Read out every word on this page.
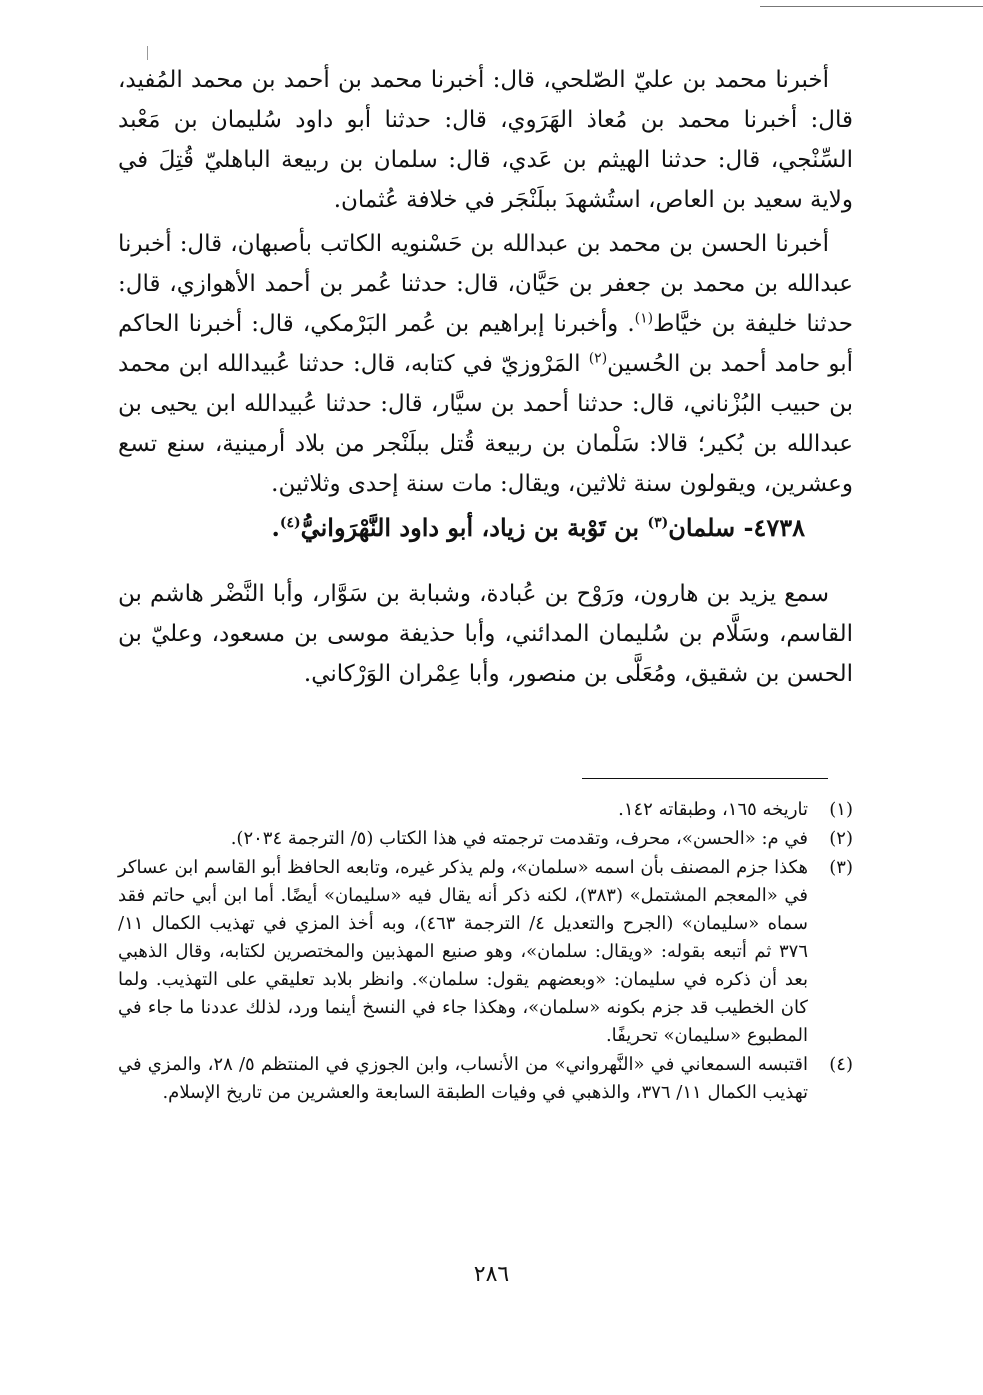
أخبرنا محمد بن عليّ الصّلحي، قال: أخبرنا محمد بن أحمد بن محمد المُفيد، قال: أخبرنا محمد بن مُعاذ الهَرَوي، قال: حدثنا أبو داود سُليمان بن مَعْبد السِّنْجي، قال: حدثنا الهيثم بن عَدي، قال: سلمان بن ربيعة الباهليّ قُتِلَ في ولاية سعيد بن العاص، استُشهدَ ببلَنْجَر في خلافة عُثمان.

أخبرنا الحسن بن محمد بن عبدالله بن حَسْنويه الكاتب بأصبهان، قال: أخبرنا عبدالله بن محمد بن جعفر بن حَيَّان، قال: حدثنا عُمر بن أحمد الأهوازي، قال: حدثنا خليفة بن خيَّاط$^{(١)}$. وأخبرنا إبراهيم بن عُمر البَرْمكي، قال: أخبرنا الحاكم أبو حامد أحمد بن الحُسين$^{(٢)}$ المَرْوزيّ في كتابه، قال: حدثنا عُبيدالله ابن محمد بن حبيب البُزْناني، قال: حدثنا أحمد بن سيَّار، قال: حدثنا عُبيدالله ابن يحيى بن عبدالله بن بُكير؛ قالا: سَلْمان بن ربيعة قُتل ببلَنْجر من بلاد أرمينية، سنع تسع وعشرين، ويقولون سنة ثلاثين، ويقال: مات سنة إحدى وثلاثين.

٤٧٣٨- سلمان$^{(٣)}$ بن تَوْبة بن زياد، أبو داود النَّهْرَوانيُّ$^{(٤)}$.

سمع يزيد بن هارون، ورَوْح بن عُبادة، وشبابة بن سَوَّار، وأبا النَّضْر هاشم بن القاسم، وسَلَّام بن سُليمان المدائني، وأبا حذيفة موسى بن مسعود، وعليّ بن الحسن بن شقيق، ومُعَلَّى بن منصور، وأبا عِمْران الوَرْكاني.

(١)
تاريخه ١٦٥، وطبقاته ١٤٢.
(٢)
في م: «الحسن»، محرف، وتقدمت ترجمته في هذا الكتاب (٥/ الترجمة ٢٠٣٤).
(٣)
هكذا جزم المصنف بأن اسمه «سلمان»، ولم يذكر غيره، وتابعه الحافظ أبو القاسم ابن عساكر في «المعجم المشتمل» (٣٨٣)، لكنه ذكر أنه يقال فيه «سليمان» أيضًا. أما ابن أبي حاتم فقد سماه «سليمان» (الجرح والتعديل ٤/ الترجمة ٤٦٣)، وبه أخذ المزي في تهذيب الكمال ١١/ ٣٧٦ ثم أتبعه بقوله: «ويقال: سلمان»، وهو صنيع المهذبين والمختصرين لكتابه، وقال الذهبي بعد أن ذكره في سليمان: «وبعضهم يقول: سلمان». وانظر بلابد تعليقي على التهذيب. ولما كان الخطيب قد جزم بكونه «سلمان»، وهكذا جاء في النسخ أينما ورد، لذلك عددنا ما جاء في المطبوع «سليمان» تحريفًا.
(٤)
اقتبسه السمعاني في «النَّهرواني» من الأنساب، وابن الجوزي في المنتظم ٥/ ٢٨، والمزي في تهذيب الكمال ١١/ ٣٧٦، والذهبي في وفيات الطبقة السابعة والعشرين من تاريخ الإسلام.
٢٨٦
